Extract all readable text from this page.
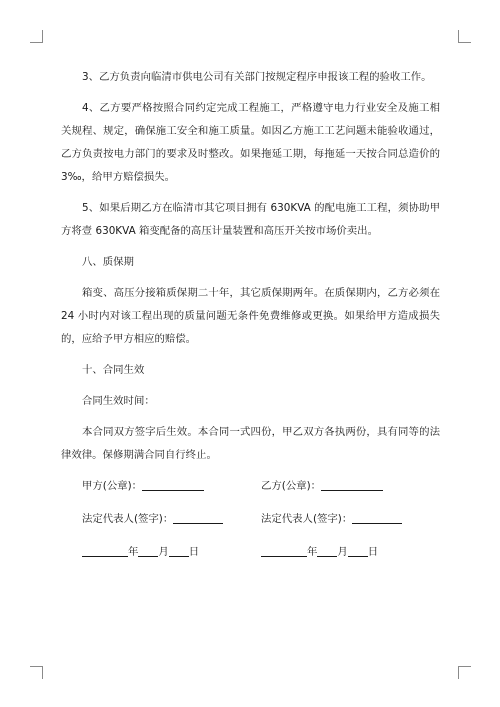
3、乙方负责向临清市供电公司有关部门按规定程序申报该工程的验收工作。

4、乙方要严格按照合同约定完成工程施工，严格遵守电力行业安全及施工相关规程、规定，确保施工安全和施工质量。如因乙方施工工艺问题未能验收通过，乙方负责按电力部门的要求及时整改。如果拖延工期，每拖延一天按合同总造价的 3‰，给甲方赔偿损失。

5、如果后期乙方在临清市其它项目拥有 630KVA 的配电施工工程，须协助甲方将壹 630KVA 箱变配备的高压计量装置和高压开关按市场价卖出。

八、质保期

箱变、高压分接箱质保期二十年，其它质保期两年。在质保期内，乙方必须在 24 小时内对该工程出现的质量问题无条件免费维修或更换。如果给甲方造成损失的，应给予甲方相应的赔偿。

十、合同生效

合同生效时间：

本合同双方签字后生效。本合同一式四份，甲乙双方各执两份，具有同等的法律效律。保修期满合同自行终止。

甲方(公章)：	乙方(公章)：
法定代表人(签字)：	法定代表人(签字)：
年 月 日	年 月 日
